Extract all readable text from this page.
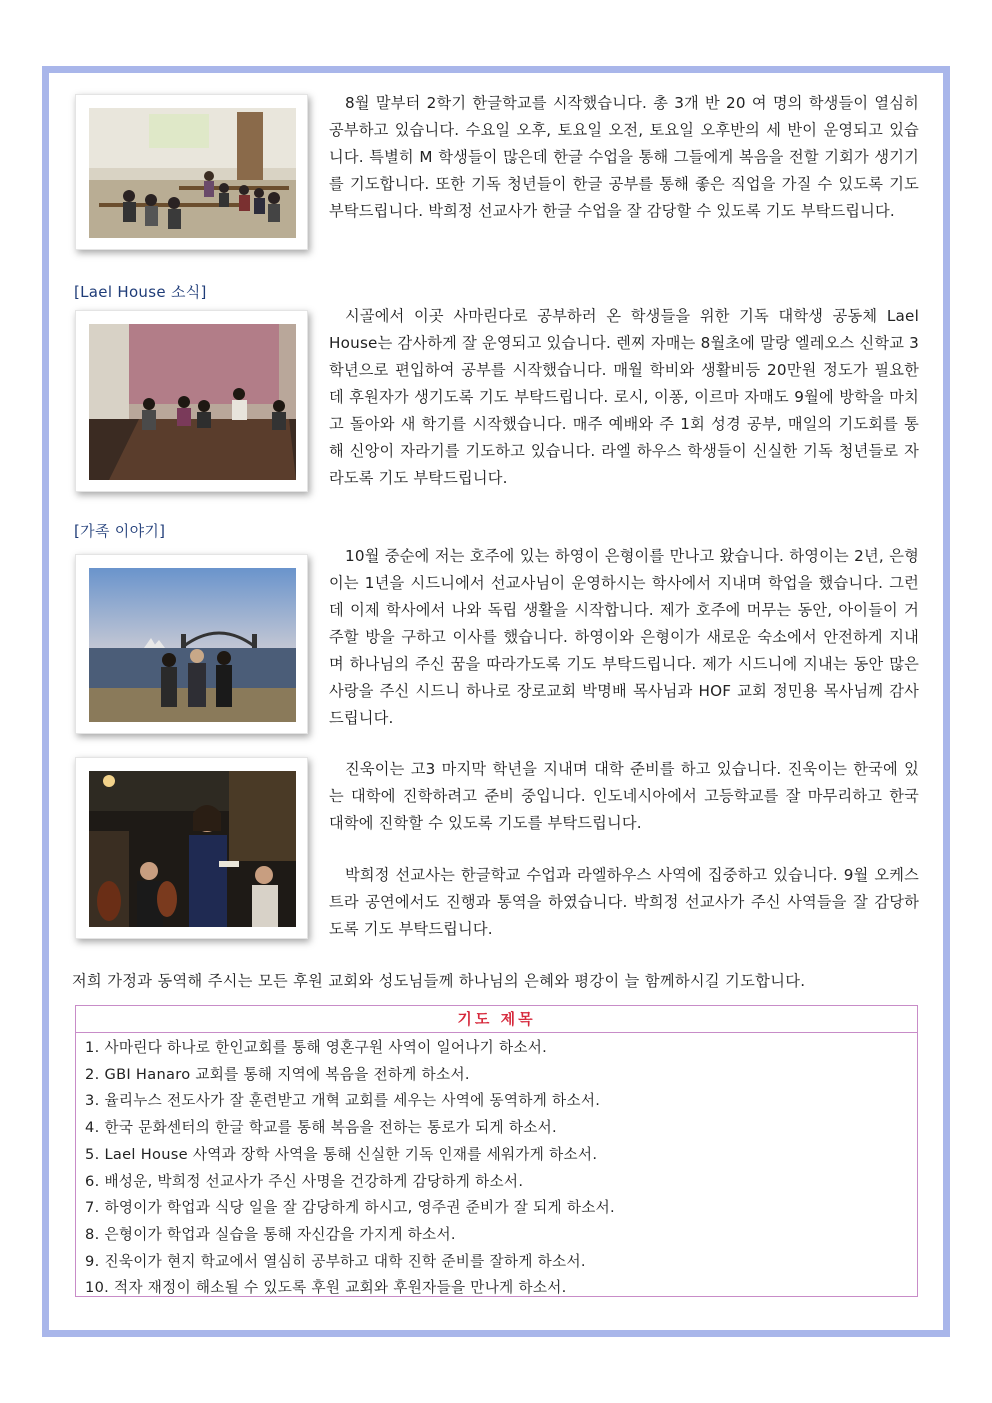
8월 말부터 2학기 한글학교를 시작했습니다. 총 3개 반 20 여 명의 학생들이 열심히 공부하고 있습니다. 수요일 오후, 토요일 오전, 토요일 오후반의 세 반이 운영되고 있습니다. 특별히 M 학생들이 많은데 한글 수업을 통해 그들에게 복음을 전할 기회가 생기기를 기도합니다. 또한 기독 청년들이 한글 공부를 통해 좋은 직업을 가질 수 있도록 기도 부탁드립니다. 박희정 선교사가 한글 수업을 잘 감당할 수 있도록 기도 부탁드립니다.

[Lael House 소식]

시골에서 이곳 사마린다로 공부하러 온 학생들을 위한 기독 대학생 공동체 Lael House는 감사하게 잘 운영되고 있습니다. 렌찌 자매는 8월초에 말랑 엘레오스 신학교 3학년으로 편입하여 공부를 시작했습니다. 매월 학비와 생활비등 20만원 정도가 필요한데 후원자가 생기도록 기도 부탁드립니다. 로시, 이퐁, 이르마 자매도 9월에 방학을 마치고 돌아와 새 학기를 시작했습니다. 매주 예배와 주 1회 성경 공부, 매일의 기도회를 통해 신앙이 자라기를 기도하고 있습니다. 라엘 하우스 학생들이 신실한 기독 청년들로 자라도록 기도 부탁드립니다.

[가족 이야기]

10월 중순에 저는 호주에 있는 하영이 은형이를 만나고 왔습니다. 하영이는 2년, 은형이는 1년을 시드니에서 선교사님이 운영하시는 학사에서 지내며 학업을 했습니다. 그런데 이제 학사에서 나와 독립 생활을 시작합니다. 제가 호주에 머무는 동안, 아이들이 거주할 방을 구하고 이사를 했습니다. 하영이와 은형이가 새로운 숙소에서 안전하게 지내며 하나님의 주신 꿈을 따라가도록 기도 부탁드립니다. 제가 시드니에 지내는 동안 많은 사랑을 주신 시드니 하나로 장로교회 박명배 목사님과 HOF 교회 정민용 목사님께 감사드립니다.

진욱이는 고3 마지막 학년을 지내며 대학 준비를 하고 있습니다. 진욱이는 한국에 있는 대학에 진학하려고 준비 중입니다. 인도네시아에서 고등학교를 잘 마무리하고 한국 대학에 진학할 수 있도록 기도를 부탁드립니다.

박희정 선교사는 한글학교 수업과 라엘하우스 사역에 집중하고 있습니다. 9월 오케스트라 공연에서도 진행과 통역을 하였습니다. 박희정 선교사가 주신 사역들을 잘 감당하도록 기도 부탁드립니다.

저희 가정과 동역해 주시는 모든 후원 교회와 성도님들께 하나님의 은혜와 평강이 늘 함께하시길 기도합니다.
기도 제목
1. 사마린다 하나로 한인교회를 통해 영혼구원 사역이 일어나기 하소서.
2. GBI Hanaro 교회를 통해 지역에 복음을 전하게 하소서.
3. 율리누스 전도사가 잘 훈련받고 개혁 교회를 세우는 사역에 동역하게 하소서.
4. 한국 문화센터의 한글 학교를 통해 복음을 전하는 통로가 되게 하소서.
5. Lael House 사역과 장학 사역을 통해 신실한 기독 인재를 세워가게 하소서.
6. 배성운, 박희정 선교사가 주신 사명을 건강하게 감당하게 하소서.
7. 하영이가 학업과 식당 일을 잘 감당하게 하시고, 영주권 준비가 잘 되게 하소서.
8. 은형이가 학업과 실습을 통해 자신감을 가지게 하소서.
9. 진욱이가 현지 학교에서 열심히 공부하고 대학 진학 준비를 잘하게 하소서.
10. 적자 재정이 해소될 수 있도록 후원 교회와 후원자들을 만나게 하소서.
